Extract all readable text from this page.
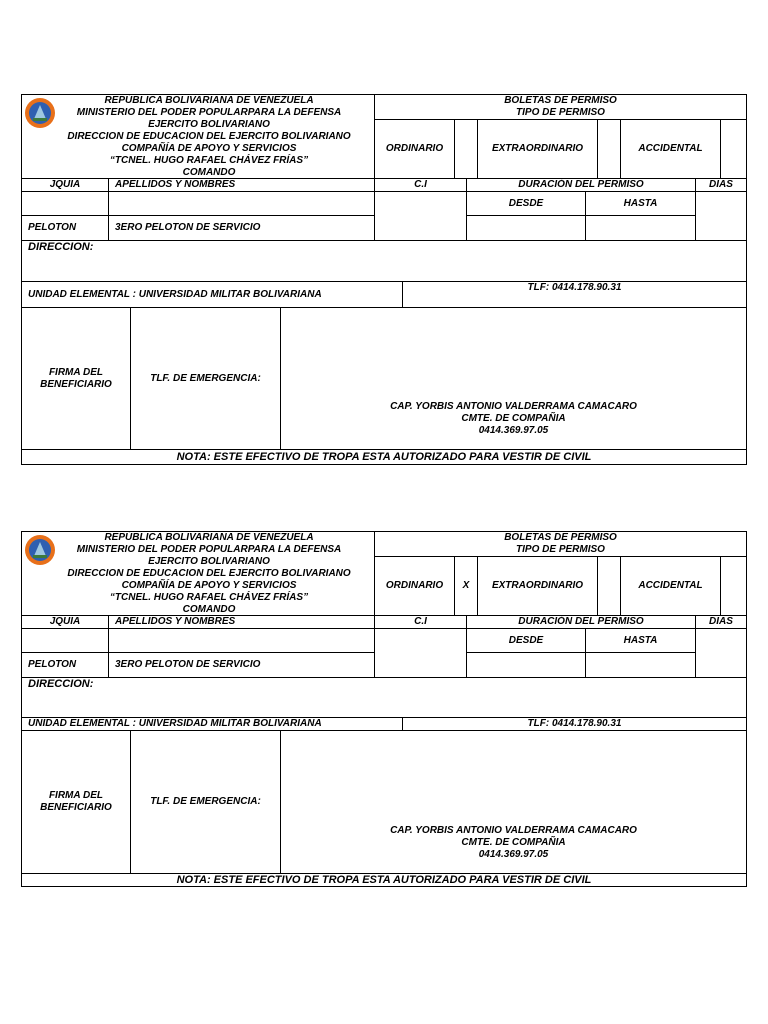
REPÚBLICA BOLIVARIANA DE VENEZUELA
MINISTERIO DEL PODER POPULARPARA LA DEFENSA
EJERCITO BOLIVARIANO
DIRECCION DE EDUCACION DEL EJERCITO BOLIVARIANO
COMPAÑÍA DE APOYO Y SERVICIOS
“TCNEL. HUGO RAFAEL CHÁVEZ FRÍAS”
COMANDO
BOLETAS DE PERMISO
TIPO DE PERMISO
ORDINARIO	EXTRAORDINARIO	ACCIDENTAL
JQUIA	APELLIDOS Y NOMBRES	C.I	DURACIÓN DEL PERMISO	DIAS
PELOTON	3ERO PELOTON DE SERVICIO
DESDE	HASTA
DIRECCION:
UNIDAD ELEMENTAL : UNIVERSIDAD MILITAR BOLIVARIANA
TLF: 0414.178.90.31
FIRMA DEL
BENEFICIARIO
TLF. DE EMERGENCIA:
CAP. YORBIS ANTONIO VALDERRAMA CAMACARO
CMTE. DE COMPAÑIA
0414.369.97.05
NOTA: ESTE EFECTIVO DE TROPA ESTA AUTORIZADO PARA VESTIR DE CIVIL
REPÚBLICA BOLIVARIANA DE VENEZUELA
MINISTERIO DEL PODER POPULARPARA LA DEFENSA
EJERCITO BOLIVARIANO
DIRECCION DE EDUCACION DEL EJERCITO BOLIVARIANO
COMPAÑÍA DE APOYO Y SERVICIOS
“TCNEL. HUGO RAFAEL CHÁVEZ FRÍAS”
COMANDO
BOLETAS DE PERMISO
TIPO DE PERMISO
ORDINARIO	X	EXTRAORDINARIO	ACCIDENTAL
JQUIA	APELLIDOS Y NOMBRES	C.I	DURACIÓN DEL PERMISO	DIAS
PELOTON	3ERO PELOTON DE SERVICIO
DESDE	HASTA
DIRECCION:
UNIDAD ELEMENTAL : UNIVERSIDAD MILITAR BOLIVARIANA	TLF: 0414.178.90.31
FIRMA DEL
BENEFICIARIO
TLF. DE EMERGENCIA:
CAP. YORBIS ANTONIO VALDERRAMA CAMACARO
CMTE. DE COMPAÑIA
0414.369.97.05
NOTA: ESTE EFECTIVO DE TROPA ESTA AUTORIZADO PARA VESTIR DE CIVIL
